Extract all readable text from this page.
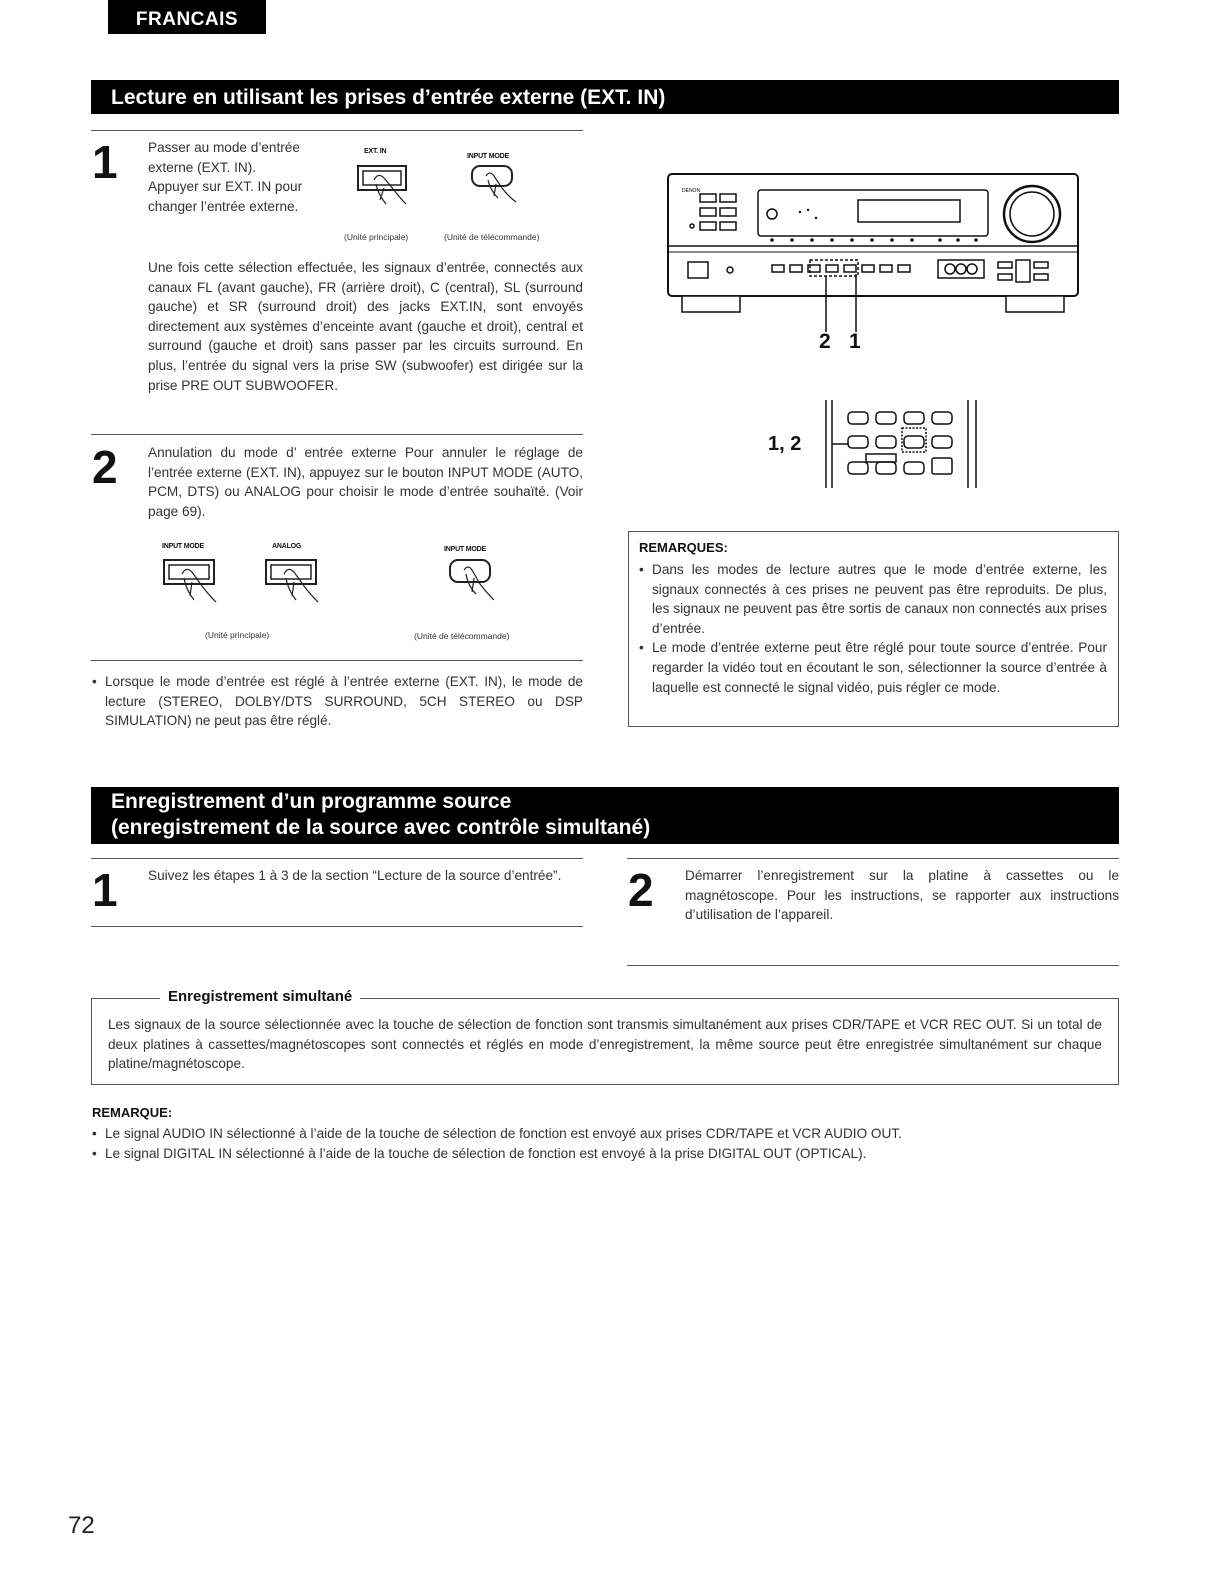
FRANCAIS
Lecture en utilisant les prises d’entrée externe (EXT. IN)
1 Passer au mode d’entrée
externe (EXT. IN).
Appuyer sur EXT. IN pour
changer l’entrée externe.
EXT. IN
INPUT MODE
(Unité principale)	(Unité de télécommande)
Une fois cette sélection effectuée, les signaux d’entrée, connectés aux canaux FL (avant gauche), FR (arrière droit), C (central), SL (surround gauche) et SR (surround droit) des jacks EXT.IN, sont envoyés directement aux systèmes d’enceinte avant (gauche et droit), central et surround (gauche et droit) sans passer par les circuits surround. En plus, l’entrée du signal vers la prise SW (subwoofer) est dirigée sur la prise PRE OUT SUBWOOFER.
2 Annulation du mode d’ entrée externe Pour annuler le réglage de l’entrée externe (EXT. IN), appuyez sur le bouton INPUT MODE (AUTO, PCM, DTS) ou ANALOG pour choisir le mode d’entrée souhaïté. (Voir page 69).
INPUT MODE	ANALOG	INPUT MODE
(Unité principale)	(Unité de télécommande)
• Lorsque le mode d’entrée est réglé à l’entrée externe (EXT. IN), le mode de lecture (STEREO, DOLBY/DTS SURROUND, 5CH STEREO ou DSP SIMULATION) ne peut pas être réglé.
DENON
2 1
1, 2
REMARQUES:
• Dans les modes de lecture autres que le mode d’entrée externe, les signaux connectés à ces prises ne peuvent pas être reproduits. De plus, les signaux ne peuvent pas être sortis de canaux non connectés aux prises d’entrée.
• Le mode d’entrée externe peut être réglé pour toute source d’entrée. Pour regarder la vidéo tout en écoutant le son, sélectionner la source d’entrée à laquelle est connecté le signal vidéo, puis régler ce mode.
Enregistrement d’un programme source
(enregistrement de la source avec contrôle simultané)
1 Suivez les étapes 1 à 3 de la section “Lecture de la source d’entrée”.	2 Démarrer l’enregistrement sur la platine à cassettes ou le magnétoscope. Pour les instructions, se rapporter aux instructions d’utilisation de l’appareil.
Les signaux de la source sélectionnée avec la touche de sélection de fonction sont transmis simultanément aux prises CDR/TAPE et VCR REC OUT. Si un total de deux platines à cassettes/magnétoscopes sont connectés et réglés en mode d’enregistrement, la même source peut être enregistrée simultanément sur chaque platine/magnétoscope.
Enregistrement simultané
REMARQUE:
• Le signal AUDIO IN sélectionné à l’aide de la touche de sélection de fonction est envoyé aux prises CDR/TAPE et VCR AUDIO OUT.
• Le signal DIGITAL IN sélectionné à l’aide de la touche de sélection de fonction est envoyé à la prise DIGITAL OUT (OPTICAL).
72
